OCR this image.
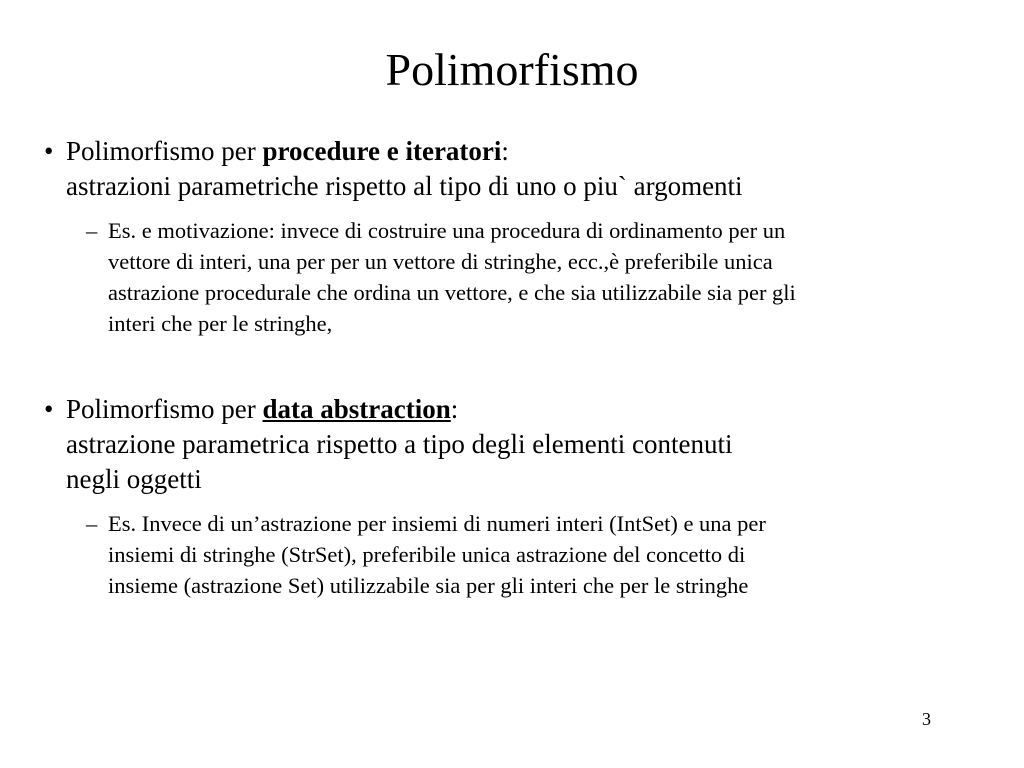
Polimorfismo
• Polimorfismo per procedure e iteratori:
astrazioni parametriche rispetto al tipo di uno o piu` argomenti
– Es. e motivazione: invece di costruire una procedura di ordinamento per un
vettore di interi, una per per un vettore di stringhe, ecc.,è preferibile unica
astrazione procedurale che ordina un vettore, e che sia utilizzabile sia per gli
interi che per le stringhe,
• Polimorfismo per data abstraction:
astrazione parametrica rispetto a tipo degli elementi contenuti
negli oggetti
– Es. Invece di un’astrazione per insiemi di numeri interi (IntSet) e una per
insiemi di stringhe (StrSet), preferibile unica astrazione del concetto di
insieme (astrazione Set) utilizzabile sia per gli interi che per le stringhe
3
